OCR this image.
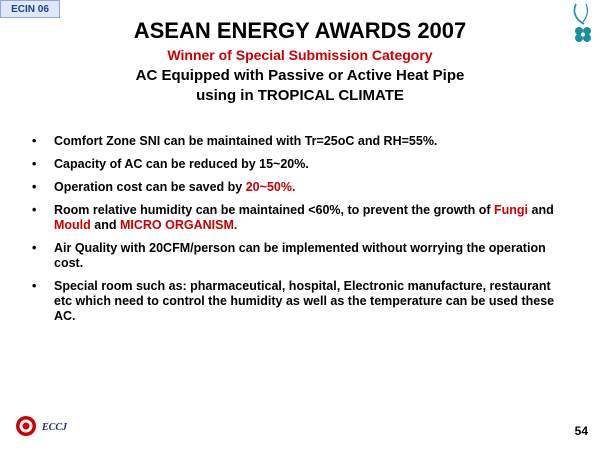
ECIN 06
ASEAN ENERGY AWARDS 2007
Winner of Special Submission Category
AC Equipped with Passive or Active Heat Pipe
using in TROPICAL CLIMATE
• Comfort Zone SNI can be maintained with Tr=25oC and RH=55%.
• Capacity of AC can be reduced by 15~20%.
• Operation cost can be saved by 20~50%.
• Room relative humidity can be maintained <60%, to prevent the growth of Fungi and Mould and MICRO ORGANISM.
• Air Quality with 20CFM/person can be implemented without worrying the operation cost.
• Special room such as: pharmaceutical, hospital, Electronic manufacture, restaurant etc which need to control the humidity as well as the temperature can be used these AC.
ECCJ	54
